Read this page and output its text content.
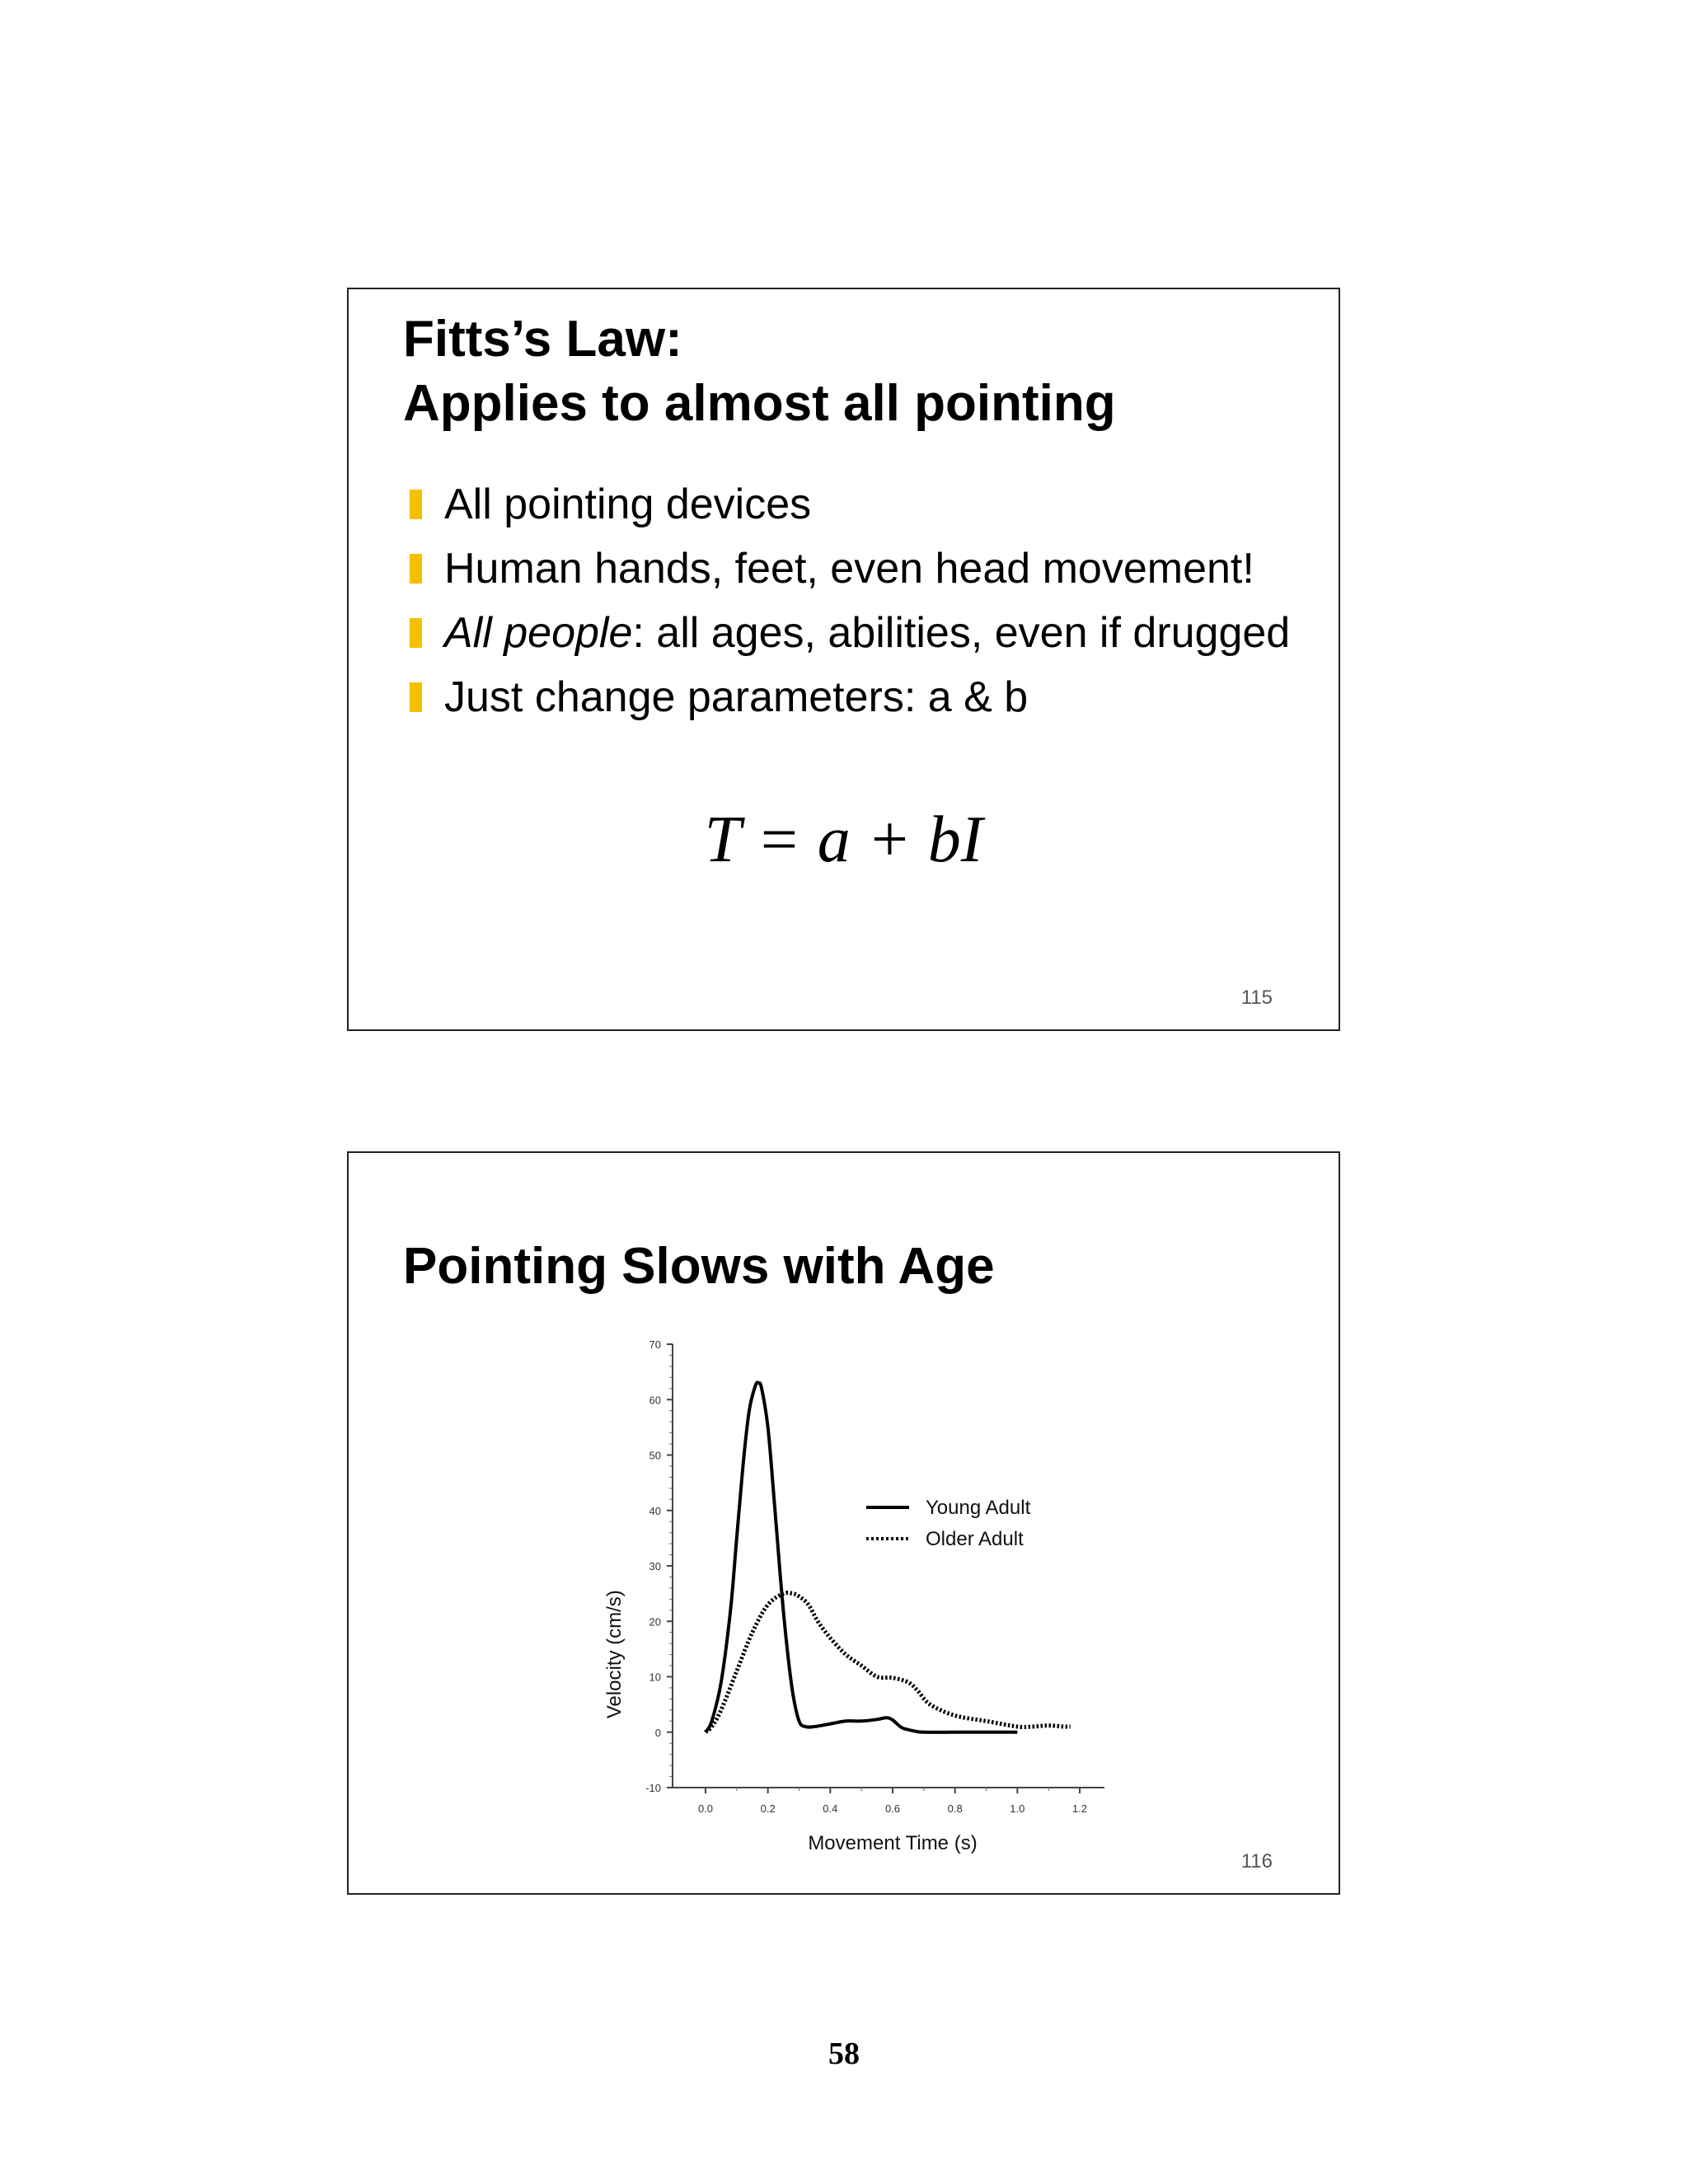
Fitts’s Law:
Applies to almost all pointing
All pointing devices
Human hands, feet, even head movement!
All people: all ages, abilities, even if drugged
Just change parameters: a & b
T = a + bI
115
Pointing Slows with Age
70
60
50
40
30
20
10
0
-10
0.0	0.2	0.4	0.6	0.8	1.0	1.2
Movement Time (s)
Velocity (cm/s)
Young Adult
Older Adult
116
58
